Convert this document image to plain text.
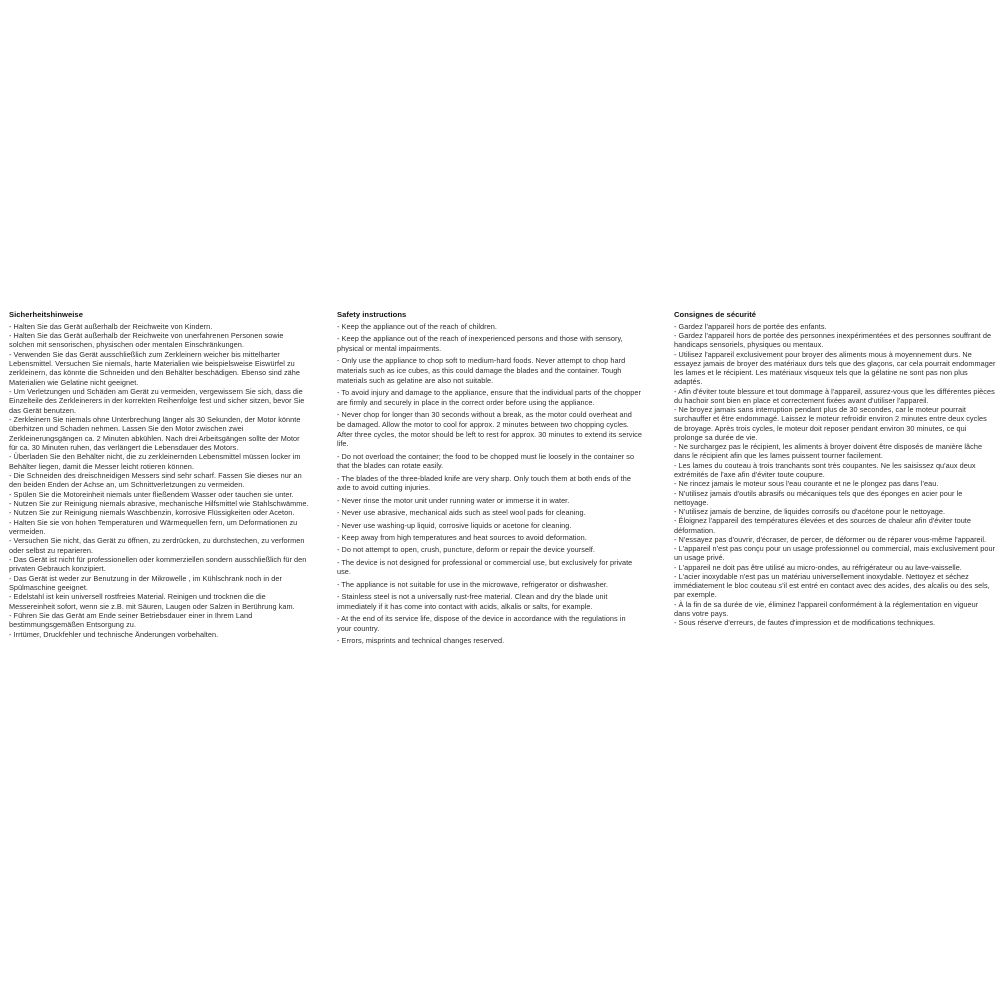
Sicherheitshinweise
- Halten Sie das Gerät außerhalb der Reichweite von Kindern.
- Halten Sie das Gerät außerhalb der Reichweite von unerfahrenen Personen sowie solchen mit sensorischen, physischen oder mentalen Einschränkungen.
- Verwenden Sie das Gerät ausschließlich zum Zerkleinern weicher bis mittelharter Lebensmittel. Versuchen Sie niemals, harte Materialien wie beispielsweise Eiswürfel zu zerkleinern, das könnte die Schneiden und den Behälter beschädigen. Ebenso sind zähe Materialien wie Gelatine nicht geeignet.
- Um Verletzungen und Schäden am Gerät zu vermeiden, vergewissern Sie sich, dass die Einzelteile des Zerkleinerers in der korrekten Reihenfolge fest und sicher sitzen, bevor Sie das Gerät benutzen.
- Zerkleinern Sie niemals ohne Unterbrechung länger als 30 Sekunden, der Motor könnte überhitzen und Schaden nehmen. Lassen Sie den Motor zwischen zwei Zerkleinerungsgängen ca. 2 Minuten abkühlen. Nach drei Arbeitsgängen sollte der Motor für ca. 30 Minuten ruhen, das verlängert die Lebensdauer des Motors.
- Überladen Sie den Behälter nicht, die zu zerkleinernden Lebensmittel müssen locker im Behälter liegen, damit die Messer leicht rotieren können.
- Die Schneiden des dreischneidigen Messers sind sehr scharf. Fassen Sie dieses nur an den beiden Enden der Achse an, um Schnittverletzungen zu vermeiden.
- Spülen Sie die Motoreinheit niemals unter fließendem Wasser oder tauchen sie unter.
- Nutzen Sie zur Reinigung niemals abrasive, mechanische Hilfsmittel wie Stahlschwämme.
- Nutzen Sie zur Reinigung niemals Waschbenzin, korrosive Flüssigkeiten oder Aceton.
- Halten Sie sie von hohen Temperaturen und Wärmequellen fern, um Deformationen zu vermeiden.
- Versuchen Sie nicht, das Gerät zu öffnen, zu zerdrücken, zu durchstechen, zu verformen oder selbst zu reparieren.
- Das Gerät ist nicht für professionellen oder kommerziellen sondern ausschließlich für den privaten Gebrauch konzipiert.
- Das Gerät ist weder zur Benutzung in der Mikrowelle , im Kühlschrank noch in der Spülmaschine geeignet.
- Edelstahl ist kein universell rostfreies Material. Reinigen und trocknen die die Messereinheit sofort, wenn sie z.B. mit Säuren, Laugen oder Salzen in Berührung kam.
- Führen Sie das Gerät am Ende seiner Betriebsdauer einer in Ihrem Land bestimmungsgemäßen Entsorgung zu.
- Irrtümer, Druckfehler und technische Änderungen vorbehalten.
Safety instructions
- Keep the appliance out of the reach of children.
- Keep the appliance out of the reach of inexperienced persons and those with sensory, physical or mental impairments.
- Only use the appliance to chop soft to medium-hard foods. Never attempt to chop hard materials such as ice cubes, as this could damage the blades and the container. Tough materials such as gelatine are also not suitable.
- To avoid injury and damage to the appliance, ensure that the individual parts of the chopper are firmly and securely in place in the correct order before using the appliance.
- Never chop for longer than 30 seconds without a break, as the motor could overheat and be damaged. Allow the motor to cool for approx. 2 minutes between two chopping cycles. After three cycles, the motor should be left to rest for approx. 30 minutes to extend its service life.
- Do not overload the container; the food to be chopped must lie loosely in the container so that the blades can rotate easily.
- The blades of the three-bladed knife are very sharp. Only touch them at both ends of the axle to avoid cutting injuries.
- Never rinse the motor unit under running water or immerse it in water.
- Never use abrasive, mechanical aids such as steel wool pads for cleaning.
- Never use washing-up liquid, corrosive liquids or acetone for cleaning.
- Keep away from high temperatures and heat sources to avoid deformation.
- Do not attempt to open, crush, puncture, deform or repair the device yourself.
- The device is not designed for professional or commercial use, but exclusively for private use.
- The appliance is not suitable for use in the microwave, refrigerator or dishwasher.
- Stainless steel is not a universally rust-free material. Clean and dry the blade unit immediately if it has come into contact with acids, alkalis or salts, for example.
- At the end of its service life, dispose of the device in accordance with the regulations in your country.
- Errors, misprints and technical changes reserved.
Consignes de sécurité
- Gardez l'appareil hors de portée des enfants.
- Gardez l'appareil hors de portée des personnes inexpérimentées et des personnes souffrant de handicaps sensoriels, physiques ou mentaux.
- Utilisez l'appareil exclusivement pour broyer des aliments mous à moyennement durs. Ne essayez jamais de broyer des matériaux durs tels que des glaçons, car cela pourrait endommager les lames et le récipient. Les matériaux visqueux tels que la gélatine ne sont pas non plus adaptés.
- Afin d'éviter toute blessure et tout dommage à l'appareil, assurez-vous que les différentes pièces du hachoir sont bien en place et correctement fixées avant d'utiliser l'appareil.
- Ne broyez jamais sans interruption pendant plus de 30 secondes, car le moteur pourrait surchauffer et être endommagé. Laissez le moteur refroidir environ 2 minutes entre deux cycles de broyage. Après trois cycles, le moteur doit reposer pendant environ 30 minutes, ce qui prolonge sa durée de vie.
- Ne surchargez pas le récipient, les aliments à broyer doivent être disposés de manière lâche dans le récipient afin que les lames puissent tourner facilement.
- Les lames du couteau à trois tranchants sont très coupantes. Ne les saisissez qu'aux deux extrémités de l'axe afin d'éviter toute coupure.
- Ne rincez jamais le moteur sous l'eau courante et ne le plongez pas dans l'eau.
- N'utilisez jamais d'outils abrasifs ou mécaniques tels que des éponges en acier pour le nettoyage.
- N'utilisez jamais de benzine, de liquides corrosifs ou d'acétone pour le nettoyage.
- Éloignez l'appareil des températures élevées et des sources de chaleur afin d'éviter toute déformation.
- N'essayez pas d'ouvrir, d'écraser, de percer, de déformer ou de réparer vous-même l'appareil.
- L'appareil n'est pas conçu pour un usage professionnel ou commercial, mais exclusivement pour un usage privé.
- L'appareil ne doit pas être utilisé au micro-ondes, au réfrigérateur ou au lave-vaisselle.
- L'acier inoxydable n'est pas un matériau universellement inoxydable. Nettoyez et séchez immédiatement le bloc couteau s'il est entré en contact avec des acides, des alcalis ou des sels, par exemple.
- À la fin de sa durée de vie, éliminez l'appareil conformément à la réglementation en vigueur dans votre pays.
- Sous réserve d'erreurs, de fautes d'impression et de modifications techniques.
